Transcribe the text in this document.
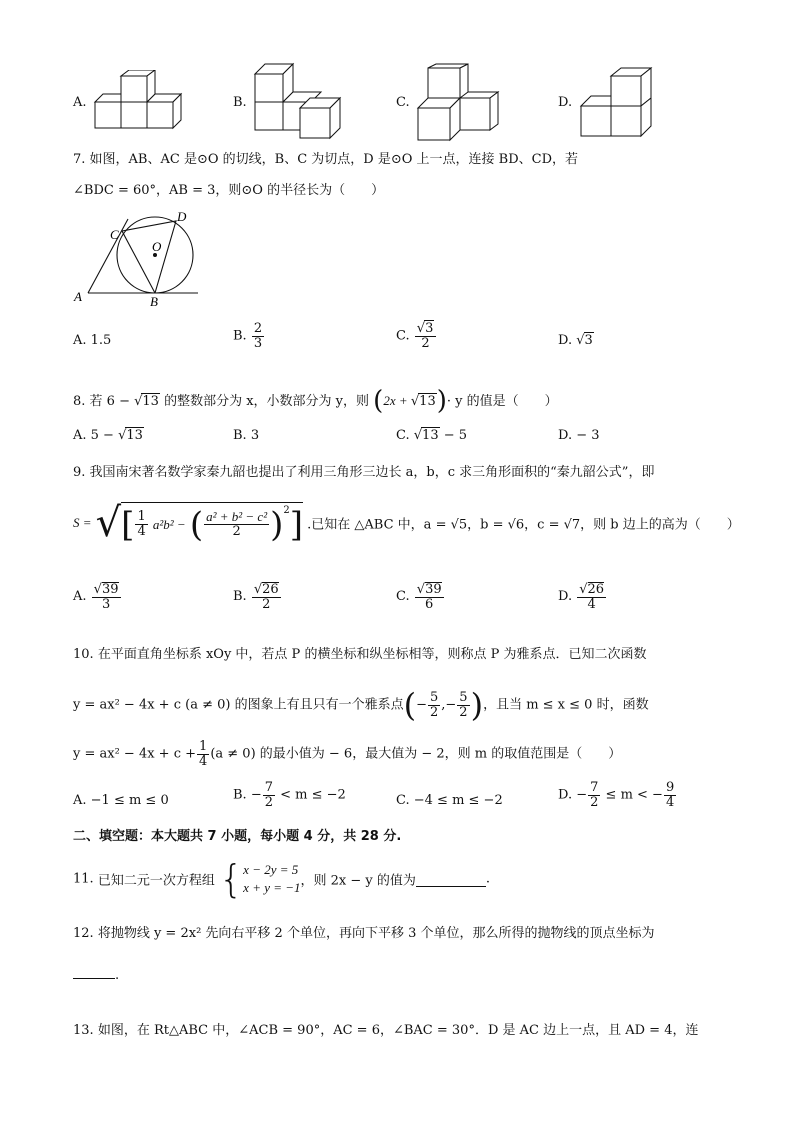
A.	B.	C.	D.
7. 如图，AB、AC 是⊙O 的切线，B、C 为切点，D 是⊙O 上一点，连接 BD、CD，若
∠BDC = 60°，AB = 3，则⊙O 的半径长为（　　）
C
D
O
A	B
A. 1.5	B. $\frac{2}{3}$	C. $\frac{√3}{2}$	D. √3
8. 若 6 − √13 的整数部分为 x，小数部分为 y，则 (2x + √13)· y 的值是（　　）
A. 5 − √13	B. 3	C. √13 − 5	D. − 3
9. 我国南宋著名数学家秦九韶也提出了利用三角形三边长 a，b，c 求三角形面积的“秦九韶公式”，即
S = √[ $\frac{1}{4} a^2b^2$ − ( $\frac{\text{a² + b² − c²}}{2} )^2$] .已知在 △ABC 中，a = √5，b = √6，c = √7，则 b 边上的高为（　　）
A. $\frac{√39}{3}$	B. $\frac{√26}{2}$	C. $\frac{√39}{6}$	D. $\frac{√26}{4}$
10. 在平面直角坐标系 xOy 中，若点 P 的横坐标和纵坐标相等，则称点 P 为雅系点．已知二次函数
y = ax² − 4x + c (a ≠ 0) 的图象上有且只有一个雅系点(− $\frac{5}{2}$ ,− $\frac{5}{2}$ )，且当 m ≤ x ≤ 0 时，函数
$y = ax^2 - 4x + c + \frac{1}{4} (a \ne 0)$ 的最小值为 − 6，最大值为 − 2，则 m 的取值范围是（　　）
A. −1 ≤ m ≤ 0	B. − $\frac{7}{2} < m \le -2$	C. −4 ≤ m ≤ −2	D. − $\frac{7}{2} \le m$ < − $\frac{9}{4}$
二、填空题：本大题共 7 小题，每小题 4 分，共 28 分.
11. 已知二元一次方程组 { x − 2y = 5
x + y = −1 ，则 2x − y 的值为	.
12. 将抛物线 y = 2x² 先向右平移 2 个单位，再向下平移 3 个单位，那么所得的抛物线的顶点坐标为
.
13. 如图，在 Rt△ABC 中，∠ACB = 90°，AC = 6，∠BAC = 30°．D 是 AC 边上一点，且 AD = 4，连
